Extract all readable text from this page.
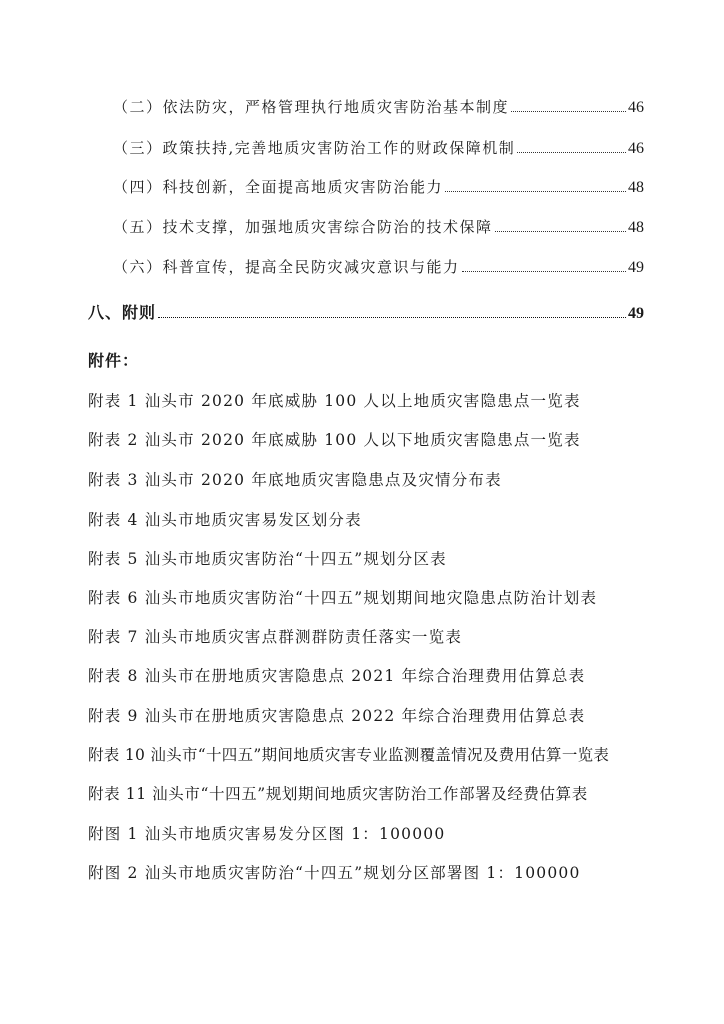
（二）依法防灾，严格管理执行地质灾害防治基本制度	46
（三）政策扶持,完善地质灾害防治工作的财政保障机制	46
（四）科技创新，全面提高地质灾害防治能力	48
（五）技术支撑，加强地质灾害综合防治的技术保障	48
（六）科普宣传，提高全民防灾减灾意识与能力	49
八、附则	49
附件：
附表 1 汕头市 2020 年底威胁 100 人以上地质灾害隐患点一览表
附表 2 汕头市 2020 年底威胁 100 人以下地质灾害隐患点一览表
附表 3 汕头市 2020 年底地质灾害隐患点及灾情分布表
附表 4 汕头市地质灾害易发区划分表
附表 5 汕头市地质灾害防治“十四五”规划分区表
附表 6 汕头市地质灾害防治“十四五”规划期间地灾隐患点防治计划表
附表 7 汕头市地质灾害点群测群防责任落实一览表
附表 8 汕头市在册地质灾害隐患点 2021 年综合治理费用估算总表
附表 9 汕头市在册地质灾害隐患点 2022 年综合治理费用估算总表
附表 10 汕头市“十四五”期间地质灾害专业监测覆盖情况及费用估算一览表
附表 11 汕头市“十四五”规划期间地质灾害防治工作部署及经费估算表
附图 1 汕头市地质灾害易发分区图 1：100000
附图 2 汕头市地质灾害防治“十四五”规划分区部署图 1：100000
